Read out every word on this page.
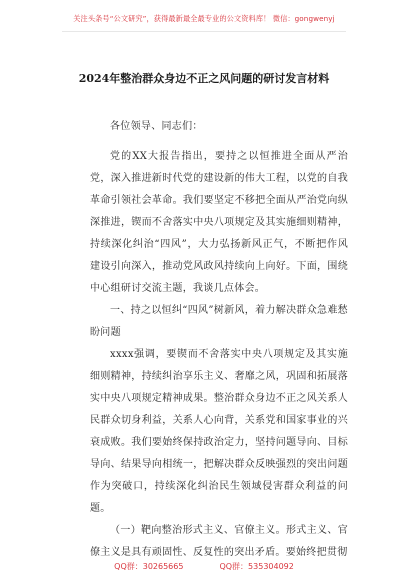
关注头条号“公文研究”，获得最新最全最专业的公文资料库！ 微信：gongwenyj
2024年整治群众身边不正之风问题的研讨发言材料

各位领导、同志们：

党的XX大报告指出，要持之以恒推进全面从严治党，深入推进新时代党的建设新的伟大工程，以党的自我革命引领社会革命。我们要坚定不移把全面从严治党向纵深推进，锲而不舍落实中央八项规定及其实施细则精神，持续深化纠治“四风”，大力弘扬新风正气，不断把作风建设引向深入，推动党风政风持续向上向好。下面，围绕中心组研讨交流主题，我谈几点体会。

一、持之以恒纠“四风”树新风，着力解决群众急难愁盼问题

xxxx强调，要锲而不舍落实中央八项规定及其实施细则精神，持续纠治享乐主义、奢靡之风，巩固和拓展落实中央八项规定精神成果。整治群众身边不正之风关系人民群众切身利益，关系人心向背，关系党和国家事业的兴衰成败。我们要始终保持政治定力，坚持问题导向、目标导向、结果导向相统一，把解决群众反映强烈的突出问题作为突破口，持续深化纠治民生领域侵害群众利益的问题。

（一）靶向整治形式主义、官僚主义。形式主义、官僚主义是具有顽固性、反复性的突出矛盾。要始终把贯彻

QQ群：30265665	QQ群：535304092
